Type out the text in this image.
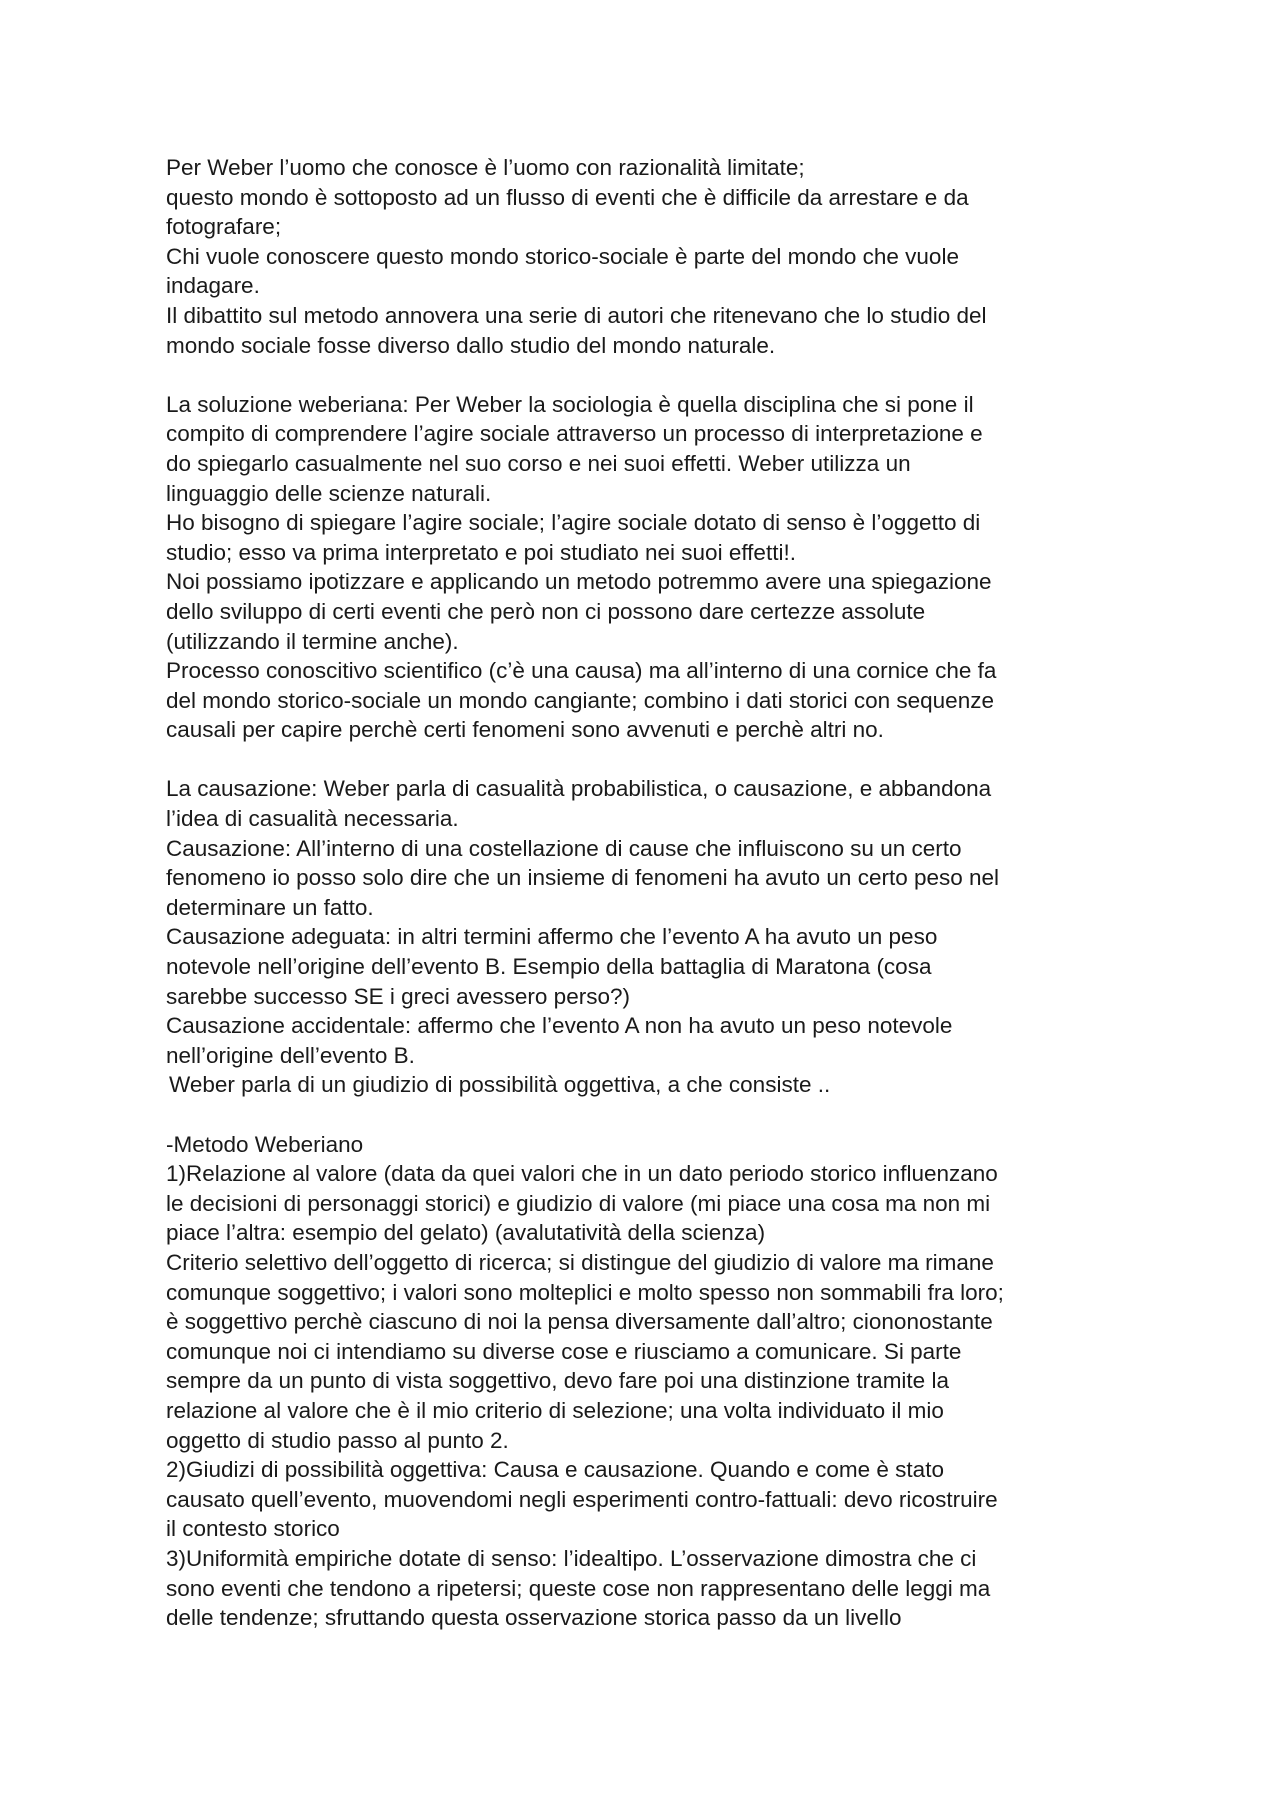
Per Weber l’uomo che conosce è l’uomo con razionalità limitate;
questo mondo è sottoposto ad un flusso di eventi che è difficile da arrestare e da
fotografare;
Chi vuole conoscere questo mondo storico-sociale è parte del mondo che vuole
indagare.
Il dibattito sul metodo annovera una serie di autori che ritenevano che lo studio del
mondo sociale fosse diverso dallo studio del mondo naturale.
La soluzione weberiana: Per Weber la sociologia è quella disciplina che si pone il
compito di comprendere l’agire sociale attraverso un processo di interpretazione e
do spiegarlo casualmente nel suo corso e nei suoi effetti. Weber utilizza un
linguaggio delle scienze naturali.
Ho bisogno di spiegare l’agire sociale; l’agire sociale dotato di senso è l’oggetto di
studio; esso va prima interpretato e poi studiato nei suoi effetti!.
Noi possiamo ipotizzare e applicando un metodo potremmo avere una spiegazione
dello sviluppo di certi eventi che però non ci possono dare certezze assolute
(utilizzando il termine anche).
Processo conoscitivo scientifico (c’è una causa) ma all’interno di una cornice che fa
del mondo storico-sociale un mondo cangiante; combino i dati storici con sequenze
causali per capire perchè certi fenomeni sono avvenuti e perchè altri no.
La causazione: Weber parla di casualità probabilistica, o causazione, e abbandona
l’idea di casualità necessaria.
Causazione: All’interno di una costellazione di cause che influiscono su un certo
fenomeno io posso solo dire che un insieme di fenomeni ha avuto un certo peso nel
determinare un fatto.
Causazione adeguata: in altri termini affermo che l’evento A ha avuto un peso
notevole nell’origine dell’evento B. Esempio della battaglia di Maratona (cosa
sarebbe successo SE i greci avessero perso?)
Causazione accidentale: affermo che l’evento A non ha avuto un peso notevole
nell’origine dell’evento B.
Weber parla di un giudizio di possibilità oggettiva, a che consiste ..
-Metodo Weberiano
1)Relazione al valore (data da quei valori che in un dato periodo storico influenzano
le decisioni di personaggi storici) e giudizio di valore (mi piace una cosa ma non mi
piace l’altra: esempio del gelato) (avalutatività della scienza)
Criterio selettivo dell’oggetto di ricerca; si distingue del giudizio di valore ma rimane
comunque soggettivo; i valori sono molteplici e molto spesso non sommabili fra loro;
è soggettivo perchè ciascuno di noi la pensa diversamente dall’altro; ciononostante
comunque noi ci intendiamo su diverse cose e riusciamo a comunicare. Si parte
sempre da un punto di vista soggettivo, devo fare poi una distinzione tramite la
relazione al valore che è il mio criterio di selezione; una volta individuato il mio
oggetto di studio passo al punto 2.
2)Giudizi di possibilità oggettiva: Causa e causazione. Quando e come è stato
causato quell’evento, muovendomi negli esperimenti contro-fattuali: devo ricostruire
il contesto storico
3)Uniformità empiriche dotate di senso: l’idealtipo. L’osservazione dimostra che ci
sono eventi che tendono a ripetersi; queste cose non rappresentano delle leggi ma
delle tendenze; sfruttando questa osservazione storica passo da un livello
